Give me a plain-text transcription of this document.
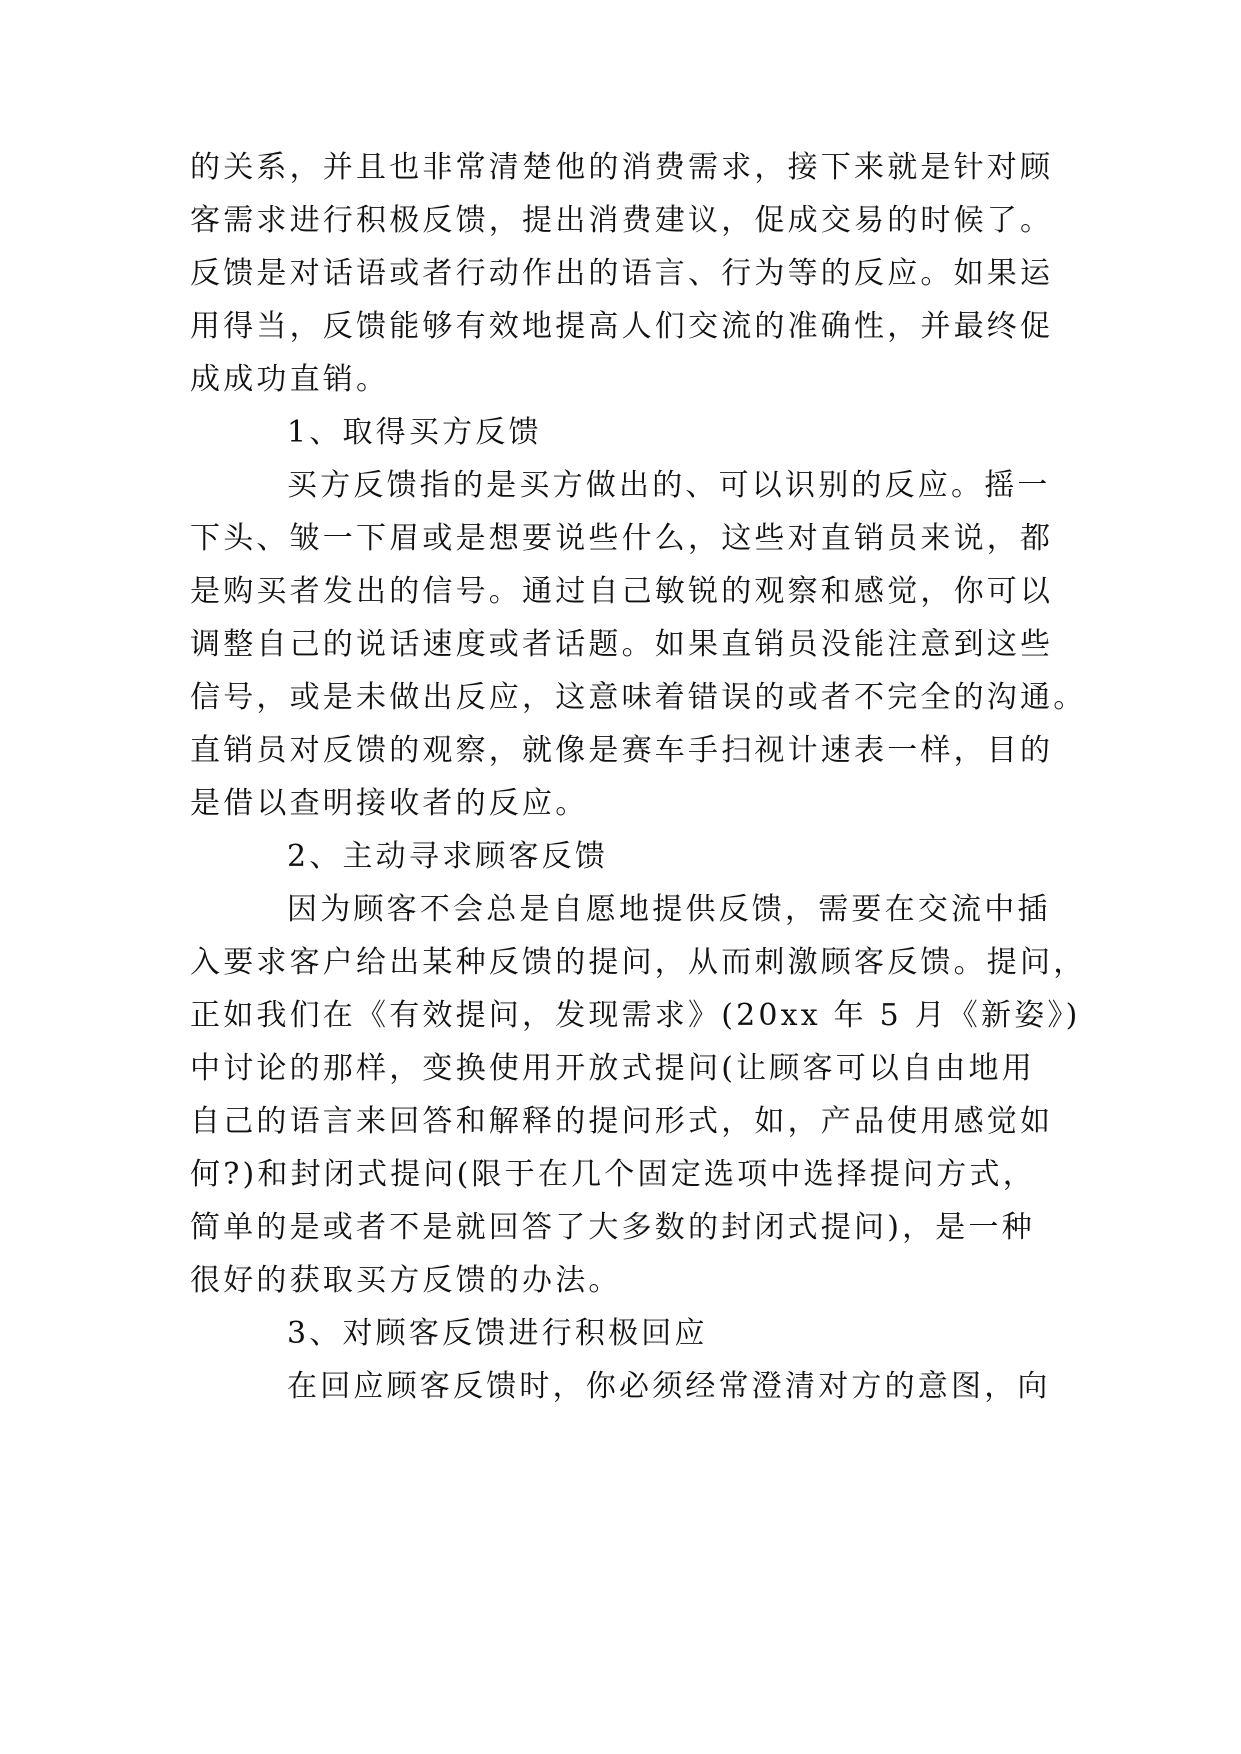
的关系，并且也非常清楚他的消费需求，接下来就是针对顾
客需求进行积极反馈，提出消费建议，促成交易的时候了。
反馈是对话语或者行动作出的语言、行为等的反应。如果运
用得当，反馈能够有效地提高人们交流的准确性，并最终促
成成功直销。
1、取得买方反馈
买方反馈指的是买方做出的、可以识别的反应。摇一
下头、皱一下眉或是想要说些什么，这些对直销员来说，都
是购买者发出的信号。通过自己敏锐的观察和感觉，你可以
调整自己的说话速度或者话题。如果直销员没能注意到这些
信号，或是未做出反应，这意味着错误的或者不完全的沟通。
直销员对反馈的观察，就像是赛车手扫视计速表一样，目的
是借以查明接收者的反应。
2、主动寻求顾客反馈
因为顾客不会总是自愿地提供反馈，需要在交流中插
入要求客户给出某种反馈的提问，从而刺激顾客反馈。提问，
正如我们在《有效提问，发现需求》(20xx 年 5 月《新姿》)
中讨论的那样，变换使用开放式提问(让顾客可以自由地用
自己的语言来回答和解释的提问形式，如，产品使用感觉如
何?)和封闭式提问(限于在几个固定选项中选择提问方式，
简单的是或者不是就回答了大多数的封闭式提问)，是一种
很好的获取买方反馈的办法。
3、对顾客反馈进行积极回应
在回应顾客反馈时，你必须经常澄清对方的意图，向
